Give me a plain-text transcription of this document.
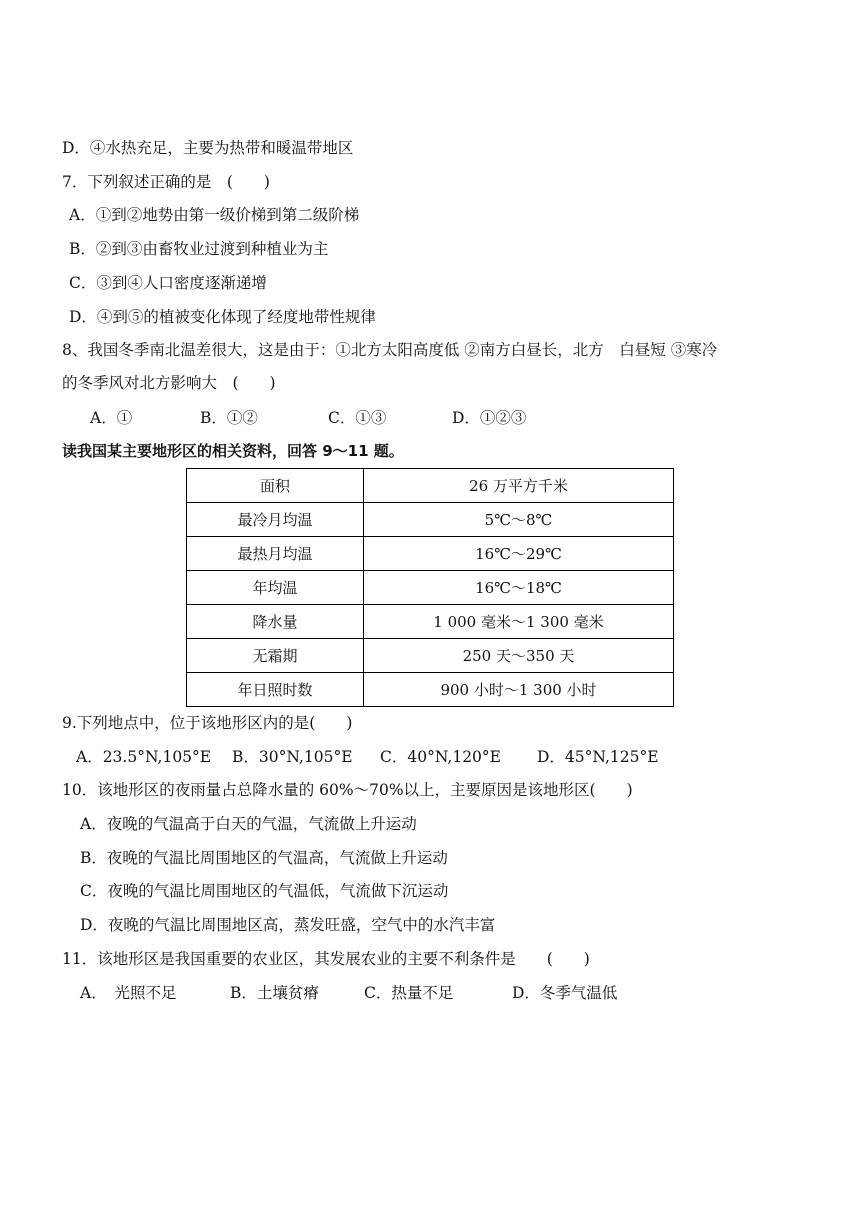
D．④水热充足，主要为热带和暖温带地区
7．下列叙述正确的是　(　　)
A．①到②地势由第一级价梯到第二级阶梯
B．②到③由畜牧业过渡到种植业为主
C．③到④人口密度逐渐递增
D．④到⑤的植被变化体现了经度地带性规律
8、我国冬季南北温差很大，这是由于：①北方太阳高度低 ②南方白昼长，北方　白昼短 ③寒冷
的冬季风对北方影响大　(　　)
A．①	B．①②	C．①③	D．①②③
读我国某主要地形区的相关资料，回答 9～11 题。
面积	26 万平方千米
最冷月均温	5℃～8℃
最热月均温	16℃～29℃
年均温	16℃～18℃
降水量	1 000 毫米～1 300 毫米
无霜期	250 天～350 天
年日照时数	900 小时～1 300 小时
9.下列地点中，位于该地形区内的是(　　)
A．23.5°N,105°E B．30°N,105°E C．40°N,120°E D．45°N,125°E
10．该地形区的夜雨量占总降水量的 60%～70%以上，主要原因是该地形区(　　)
A．夜晚的气温高于白天的气温，气流做上升运动
B．夜晚的气温比周围地区的气温高，气流做上升运动
C．夜晚的气温比周围地区的气温低，气流做下沉运动
D．夜晚的气温比周围地区高，蒸发旺盛，空气中的水汽丰富
11．该地形区是我国重要的农业区，其发展农业的主要不利条件是　　(　　)
A．　光照不足	B．土壤贫瘠	C．热量不足	D．冬季气温低
